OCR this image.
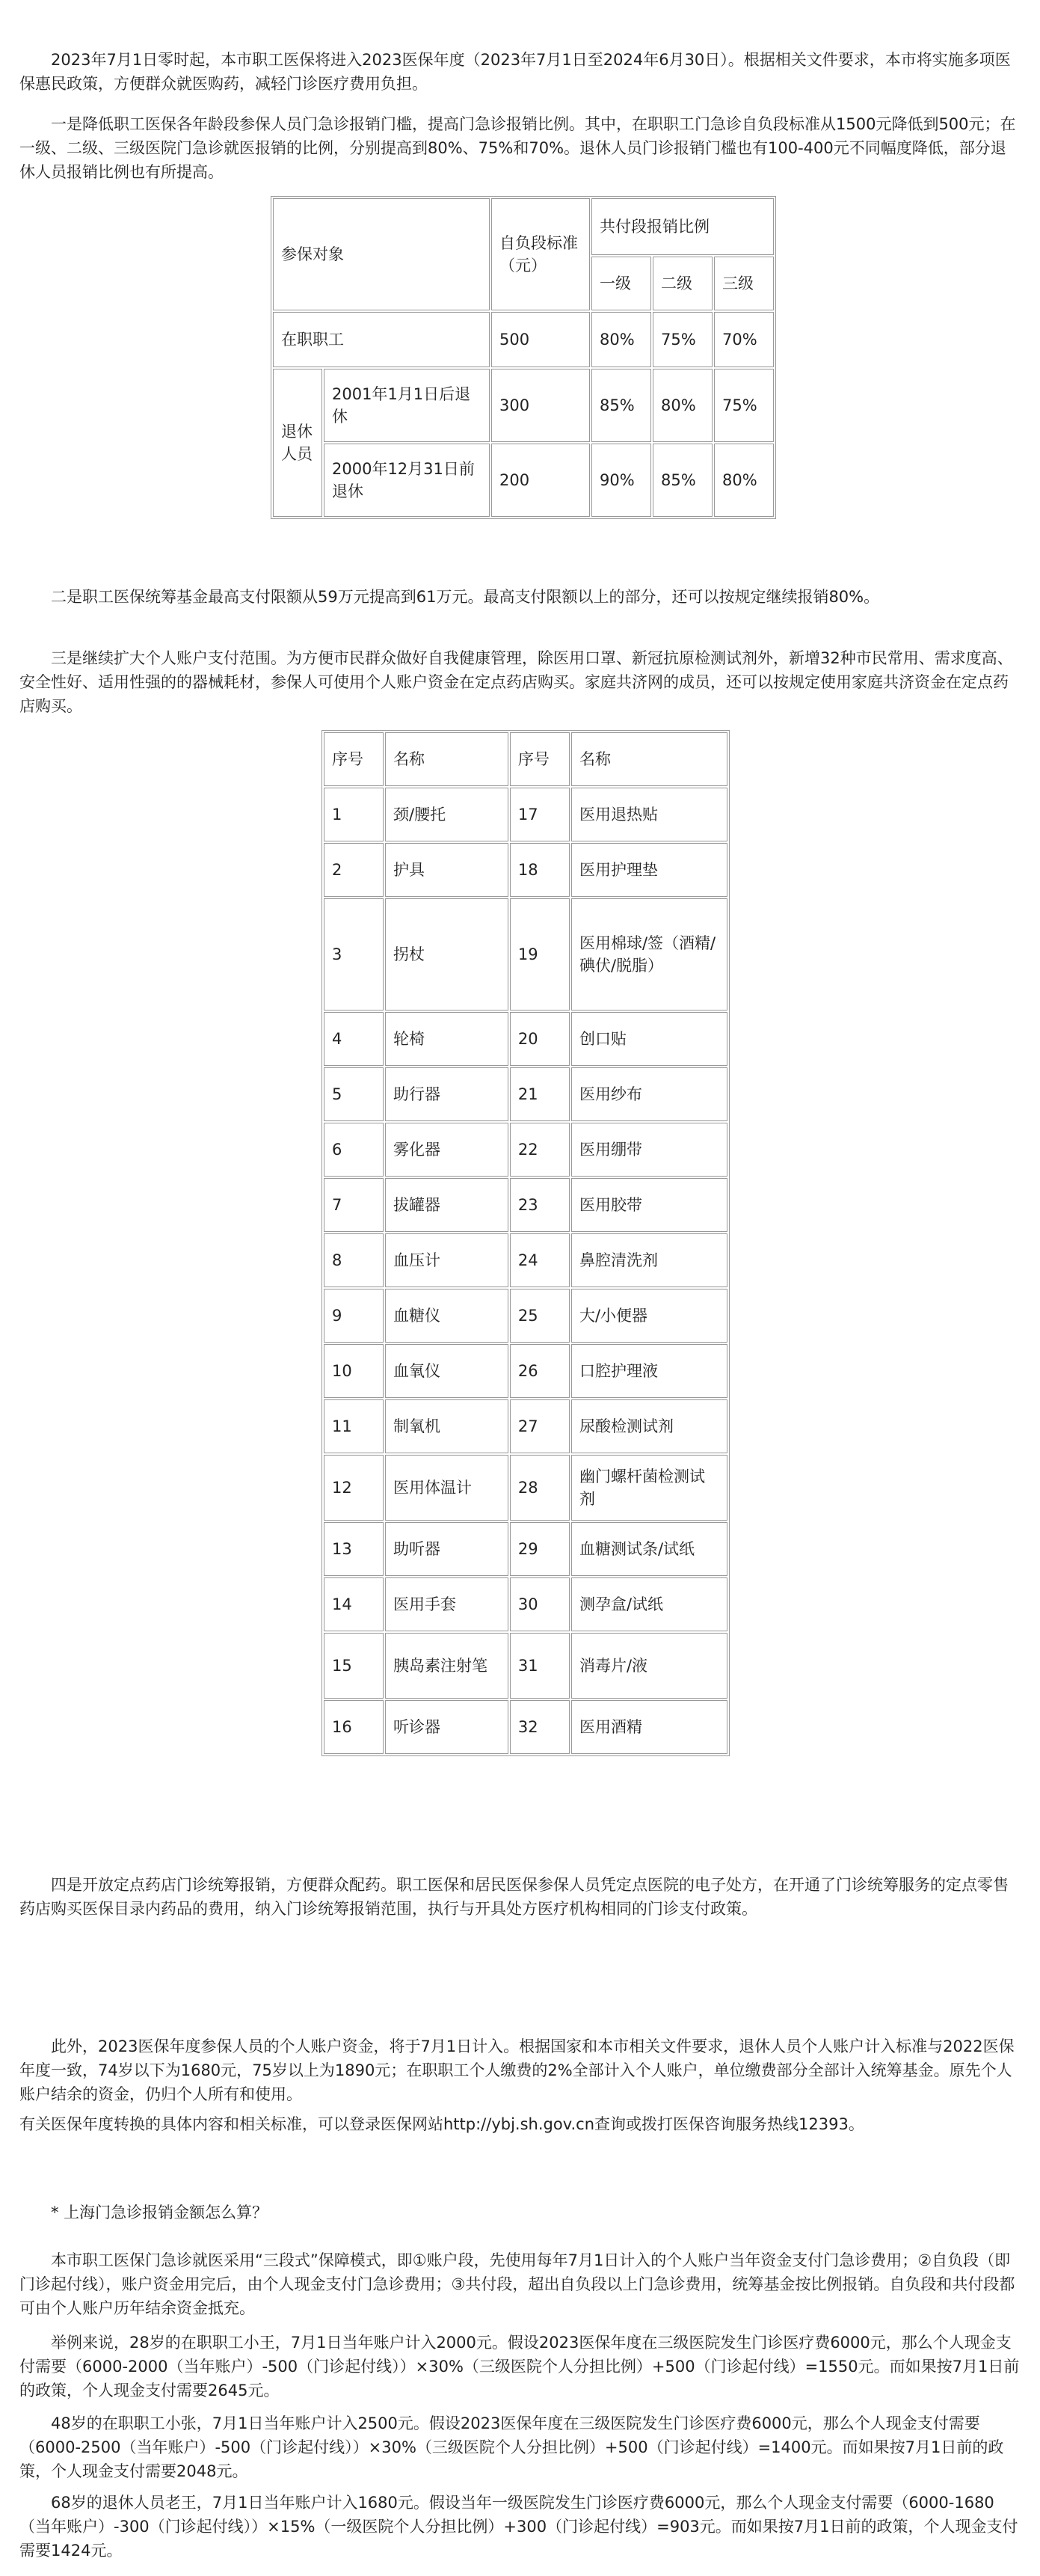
2023年7月1日零时起，本市职工医保将进入2023医保年度（2023年7月1日至2024年6月30日）。根据相关文件要求，本市将实施多项医保惠民政策，方便群众就医购药，减轻门诊医疗费用负担。

一是降低职工医保各年龄段参保人员门急诊报销门槛，提高门急诊报销比例。其中，在职职工门急诊自负段标准从1500元降低到500元；在一级、二级、三级医院门急诊就医报销的比例，分别提高到80%、75%和70%。退休人员门诊报销门槛也有100-400元不同幅度降低，部分退休人员报销比例也有所提高。

参保对象		自负段标准（元）	共付段报销比例		
			一级	二级	三级
在职职工		500	80%	75%	70%
退休人员	2001年1月1日后退休	300	85%	80%	75%
	2000年12月31日前退休	200	90%	85%	80%

二是职工医保统筹基金最高支付限额从59万元提高到61万元。最高支付限额以上的部分，还可以按规定继续报销80%。

三是继续扩大个人账户支付范围。为方便市民群众做好自我健康管理，除医用口罩、新冠抗原检测试剂外，新增32种市民常用、需求度高、安全性好、适用性强的的器械耗材，参保人可使用个人账户资金在定点药店购买。家庭共济网的成员，还可以按规定使用家庭共济资金在定点药店购买。

序号	名称	序号	名称
1	颈/腰托	17	医用退热贴
2	护具	18	医用护理垫
3	拐杖	19	医用棉球/签（酒精/碘伏/脱脂）
4	轮椅	20	创口贴
5	助行器	21	医用纱布
6	雾化器	22	医用绷带
7	拔罐器	23	医用胶带
8	血压计	24	鼻腔清洗剂
9	血糖仪	25	大/小便器
10	血氧仪	26	口腔护理液
11	制氧机	27	尿酸检测试剂
12	医用体温计	28	幽门螺杆菌检测试剂
13	助听器	29	血糖测试条/试纸
14	医用手套	30	测孕盒/试纸
15	胰岛素注射笔	31	消毒片/液
16	听诊器	32	医用酒精

四是开放定点药店门诊统筹报销，方便群众配药。职工医保和居民医保参保人员凭定点医院的电子处方，在开通了门诊统筹服务的定点零售药店购买医保目录内药品的费用，纳入门诊统筹报销范围，执行与开具处方医疗机构相同的门诊支付政策。

此外，2023医保年度参保人员的个人账户资金，将于7月1日计入。根据国家和本市相关文件要求，退休人员个人账户计入标准与2022医保年度一致，74岁以下为1680元，75岁以上为1890元；在职职工个人缴费的2%全部计入个人账户，单位缴费部分全部计入统筹基金。原先个人账户结余的资金，仍归个人所有和使用。

有关医保年度转换的具体内容和相关标准，可以登录医保网站http://ybj.sh.gov.cn查询或拨打医保咨询服务热线12393。

* 上海门急诊报销金额怎么算？

本市职工医保门急诊就医采用“三段式”保障模式，即①账户段，先使用每年7月1日计入的个人账户当年资金支付门急诊费用；②自负段（即门诊起付线），账户资金用完后，由个人现金支付门急诊费用；③共付段，超出自负段以上门急诊费用，统筹基金按比例报销。自负段和共付段都可由个人账户历年结余资金抵充。

举例来说，28岁的在职职工小王，7月1日当年账户计入2000元。假设2023医保年度在三级医院发生门诊医疗费6000元，那么个人现金支付需要（6000-2000（当年账户）-500（门诊起付线））×30%（三级医院个人分担比例）+500（门诊起付线）=1550元。而如果按7月1日前的政策，个人现金支付需要2645元。

48岁的在职职工小张，7月1日当年账户计入2500元。假设2023医保年度在三级医院发生门诊医疗费6000元，那么个人现金支付需要（6000-2500（当年账户）-500（门诊起付线））×30%（三级医院个人分担比例）+500（门诊起付线）=1400元。而如果按7月1日前的政策，个人现金支付需要2048元。

68岁的退休人员老王，7月1日当年账户计入1680元。假设当年一级医院发生门诊医疗费6000元，那么个人现金支付需要（6000-1680（当年账户）-300（门诊起付线））×15%（一级医院个人分担比例）+300（门诊起付线）=903元。而如果按7月1日前的政策，个人现金支付需要1424元。
